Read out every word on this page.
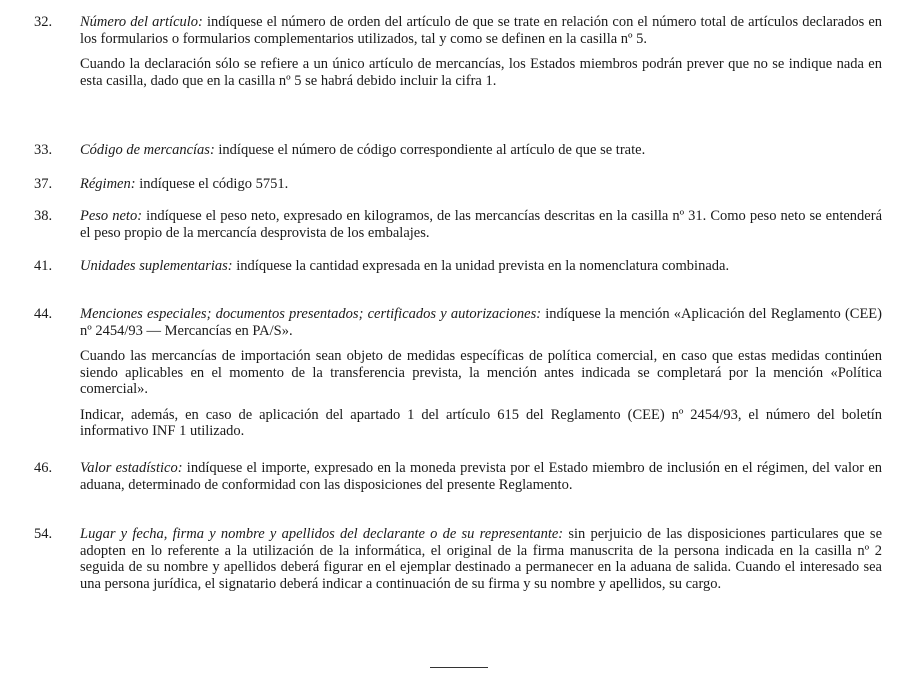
32.	Número del artículo: indíquese el número de orden del artículo de que se trate en relación con el número total de artículos declarados en los formularios o formularios complementarios utilizados, tal y como se definen en la casilla nº 5.

Cuando la declaración sólo se refiere a un único artículo de mercancías, los Estados miembros podrán prever que no se indique nada en esta casilla, dado que en la casilla nº 5 se habrá debido incluir la cifra 1.

33.	Código de mercancías: indíquese el número de código correspondiente al artículo de que se trate.

37.	Régimen: indíquese el código 5751.

38.	Peso neto: indíquese el peso neto, expresado en kilogramos, de las mercancías descritas en la casilla nº 31. Como peso neto se entenderá el peso propio de la mercancía desprovista de los embalajes.

41.	Unidades suplementarias: indíquese la cantidad expresada en la unidad prevista en la nomenclatura combinada.

44.	Menciones especiales; documentos presentados; certificados y autorizaciones: indíquese la mención «Aplicación del Reglamento (CEE) nº 2454/93 — Mercancías en PA/S».

Cuando las mercancías de importación sean objeto de medidas específicas de política comercial, en caso que estas medidas continúen siendo aplicables en el momento de la transferencia prevista, la mención antes indicada se completará por la mención «Política comercial».

Indicar, además, en caso de aplicación del apartado 1 del artículo 615 del Reglamento (CEE) nº 2454/93, el número del boletín informativo INF 1 utilizado.

46.	Valor estadístico: indíquese el importe, expresado en la moneda prevista por el Estado miembro de inclusión en el régimen, del valor en aduana, determinado de conformidad con las disposiciones del presente Reglamento.

54.	Lugar y fecha, firma y nombre y apellidos del declarante o de su representante: sin perjuicio de las disposiciones particulares que se adopten en lo referente a la utilización de la informática, el original de la firma manuscrita de la persona indicada en la casilla nº 2 seguida de su nombre y apellidos deberá figurar en el ejemplar destinado a permanecer en la aduana de salida. Cuando el interesado sea una persona jurídica, el signatario deberá indicar a continuación de su firma y su nombre y apellidos, su cargo.
